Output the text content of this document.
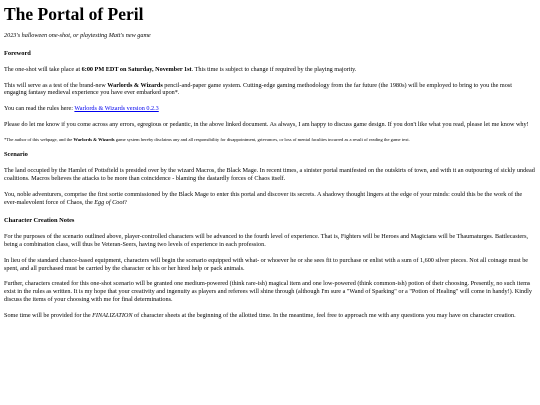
The Portal of Peril

2023's halloween one-shot, or playtesting Matt's new game

Foreword

The one-shot will take place at 6:00 PM EDT on Saturday, November 1st. This time is subject to change if required by the playing majority.

This will serve as a test of the brand-new Warlords & Wizards pencil-and-paper game system. Cutting-edge gaming methodology from the far future (the 1980s) will be employed to bring to you the most engaging fantasy medieval experience you have ever embarked upon*.

You can read the rules here: Warlords & Wizards version 0.2.3

Please do let me know if you come across any errors, egregious or pedantic, in the above linked document. As always, I am happy to discuss game design. If you don't like what you read, please let me know why!

*The author of this webpage, and the Warlords & Wizards game system hereby disclaims any and all responsibility for disappointment, grievances, or loss of mental faculties incurred as a result of reading the game text.

Scenario

The land occupied by the Hamlet of Pottsfield is presided over by the wizard Macros, the Black Mage. In recent times, a sinister portal manifested on the outskirts of town, and with it an outpouring of sickly undead coalitions. Macros believes the attacks to be more than coincidence - blaming the dastardly forces of Chaos itself.

You, noble adventurers, comprise the first sortie commissioned by the Black Mage to enter this portal and discover its secrets. A shadowy thought lingers at the edge of your minds: could this be the work of the ever-malevolent force of Chaos, the Egg of Coot?

Character Creation Notes

For the purposes of the scenario outlined above, player-controlled characters will be advanced to the fourth level of experience. That is, Fighters will be Heroes and Magicians will be Thaumaturges. Battlecasters, being a combination class, will thus be Veteran-Seers, having two levels of experience in each profession.

In lieu of the standard chance-based equipment, characters will begin the scenario equipped with what- or whoever he or she sees fit to purchase or enlist with a sum of 1,600 silver pieces. Not all coinage must be spent, and all purchased must be carried by the character or his or her hired help or pack animals.

Further, characters created for this one-shot scenario will be granted one medium-powered (think rare-ish) magical item and one low-powered (think common-ish) potion of their choosing. Presently, no such items exist in the rules as written. It is my hope that your creativity and ingenuity as players and referees will shine through (although I'm sure a "Wand of Sparking" or a "Potion of Healing" will come in handy!). Kindly discuss the items of your choosing with me for final determinations.

Some time will be provided for the FINALIZATION of character sheets at the beginning of the allotted time. In the meantime, feel free to approach me with any questions you may have on character creation.
